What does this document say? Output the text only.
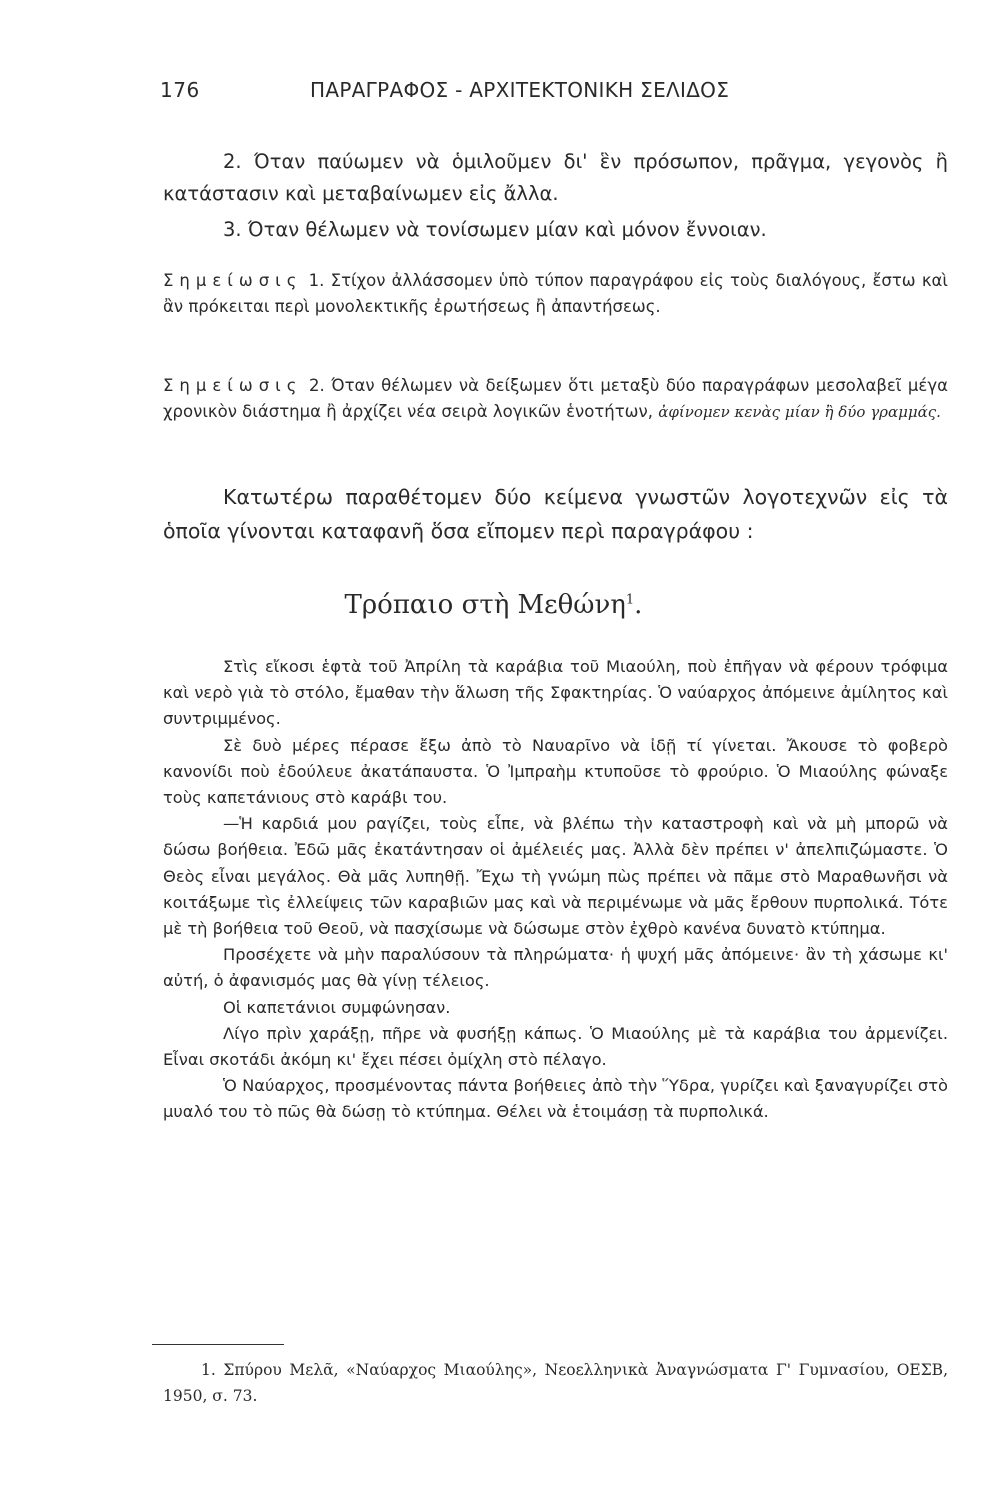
176	ΠΑΡΑΓΡΑΦΟΣ - ΑΡΧΙΤΕΚΤΟΝΙΚΗ ΣΕΛΙΔΟΣ

2. Όταν παύωμεν νὰ ὁμιλοῦμεν δι' ἓν πρόσωπον, πρᾶγμα, γεγονὸς ἢ κατάστασιν καὶ μεταβαίνωμεν εἰς ἄλλα.

3. Όταν θέλωμεν νὰ τονίσωμεν μίαν καὶ μόνον ἔννοιαν.

Σημείωσις 1. Στίχον ἀλλάσσομεν ὑπὸ τύπον παραγράφου εἰς τοὺς διαλόγους, ἔστω καὶ ἂν πρόκειται περὶ μονολεκτικῆς ἐρωτήσεως ἢ ἀπαντήσεως.

Σημείωσις 2. Όταν θέλωμεν νὰ δείξωμεν ὅτι μεταξὺ δύο παραγράφων μεσολαβεῖ μέγα χρονικὸν διάστημα ἢ ἀρχίζει νέα σειρὰ λογικῶν ἑνοτήτων, ἀφίνομεν κενὰς μίαν ἢ δύο γραμμάς.

Κατωτέρω παραθέτομεν δύο κείμενα γνωστῶν λογοτεχνῶν εἰς τὰ ὁποῖα γίνονται καταφανῆ ὅσα εἴπομεν περὶ παραγράφου :

Τρόπαιο στὴ Μεθώνη$^1$.

Στὶς εἴκοσι ἑφτὰ τοῦ Ἀπρίλη τὰ καράβια τοῦ Μιαούλη, ποὺ ἐπῆγαν νὰ φέρουν τρόφιμα καὶ νερὸ γιὰ τὸ στόλο, ἔμαθαν τὴν ἅλωση τῆς Σφακτηρίας. Ὁ ναύαρχος ἀπόμεινε ἀμίλητος καὶ συντριμμένος.

Σὲ δυὸ μέρες πέρασε ἔξω ἀπὸ τὸ Ναυαρῖνο νὰ ἰδῇ τί γίνεται. Ἄκουσε τὸ φοβερὸ κανονίδι ποὺ ἐδούλευε ἀκατάπαυστα. Ὁ Ἰμπραὴμ κτυποῦσε τὸ φρούριο. Ὁ Μιαούλης φώναξε τοὺς καπετάνιους στὸ καράβι του.

—Ἡ καρδιά μου ραγίζει, τοὺς εἶπε, νὰ βλέπω τὴν καταστροφὴ καὶ νὰ μὴ μπορῶ νὰ δώσω βοήθεια. Ἐδῶ μᾶς ἐκατάντησαν οἱ ἀμέλειές μας. Ἀλλὰ δὲν πρέπει ν' ἀπελπιζώμαστε. Ὁ Θεὸς εἶναι μεγάλος. Θὰ μᾶς λυπηθῇ. Ἔχω τὴ γνώμη πὼς πρέπει νὰ πᾶμε στὸ Μαραθωνῆσι νὰ κοιτάξωμε τὶς ἐλλείψεις τῶν καραβιῶν μας καὶ νὰ περιμένωμε νὰ μᾶς ἔρθουν πυρπολικά. Τότε μὲ τὴ βοήθεια τοῦ Θεοῦ, νὰ πασχίσωμε νὰ δώσωμε στὸν ἐχθρὸ κανένα δυνατὸ κτύπημα.

Προσέχετε νὰ μὴν παραλύσουν τὰ πληρώματα· ἡ ψυχή μᾶς ἀπόμεινε· ἂν τὴ χάσωμε κι' αὐτή, ὁ ἀφανισμός μας θὰ γίνῃ τέλειος.

Οἱ καπετάνιοι συμφώνησαν.

Λίγο πρὶν χαράξῃ, πῆρε νὰ φυσήξῃ κάπως. Ὁ Μιαούλης μὲ τὰ καράβια του ἀρμενίζει. Εἶναι σκοτάδι ἀκόμη κι' ἔχει πέσει ὀμίχλη στὸ πέλαγο.

Ὁ Ναύαρχος, προσμένοντας πάντα βοήθειες ἀπὸ τὴν Ὕδρα, γυρίζει καὶ ξαναγυρίζει στὸ μυαλό του τὸ πῶς θὰ δώσῃ τὸ κτύπημα. Θέλει νὰ ἑτοιμάσῃ τὰ πυρπολικά.

1. Σπύρου Μελᾶ, «Ναύαρχος Μιαούλης», Νεοελληνικὰ Ἀναγνώσματα Γ' Γυμνασίου, ΟΕΣΒ, 1950, σ. 73.
